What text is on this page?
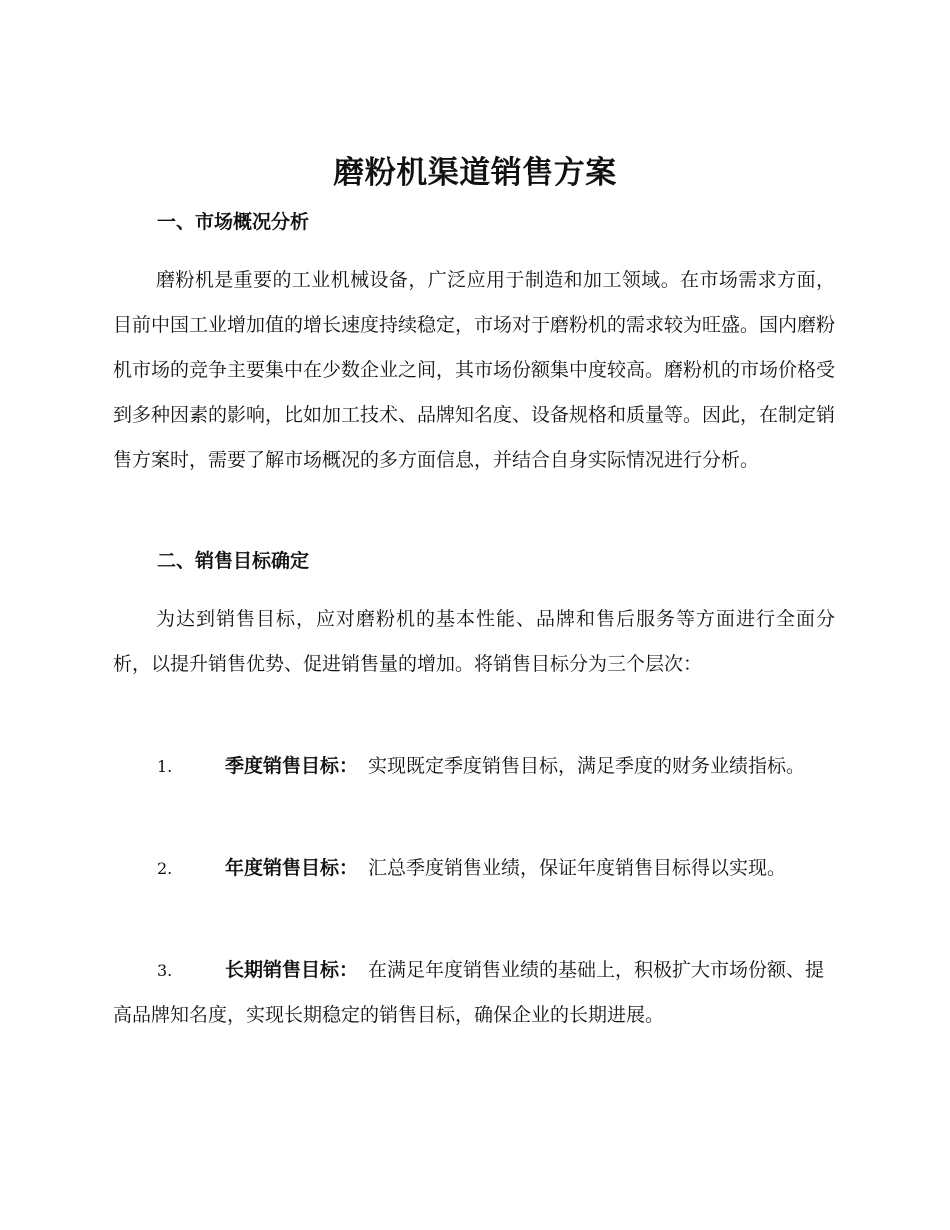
磨粉机渠道销售方案
一、市场概况分析
磨粉机是重要的工业机械设备，广泛应用于制造和加工领域。在市场需求方面，目前中国工业增加值的增长速度持续稳定，市场对于磨粉机的需求较为旺盛。国内磨粉机市场的竞争主要集中在少数企业之间，其市场份额集中度较高。磨粉机的市场价格受到多种因素的影响，比如加工技术、品牌知名度、设备规格和质量等。因此，在制定销售方案时，需要了解市场概况的多方面信息，并结合自身实际情况进行分析。
二、销售目标确定
为达到销售目标，应对磨粉机的基本性能、品牌和售后服务等方面进行全面分析，以提升销售优势、促进销售量的增加。将销售目标分为三个层次：
1.	季度销售目标： 实现既定季度销售目标，满足季度的财务业绩指标。
2.	年度销售目标： 汇总季度销售业绩，保证年度销售目标得以实现。
3.	长期销售目标： 在满足年度销售业绩的基础上，积极扩大市场份额、提高品牌知名度，实现长期稳定的销售目标，确保企业的长期进展。
